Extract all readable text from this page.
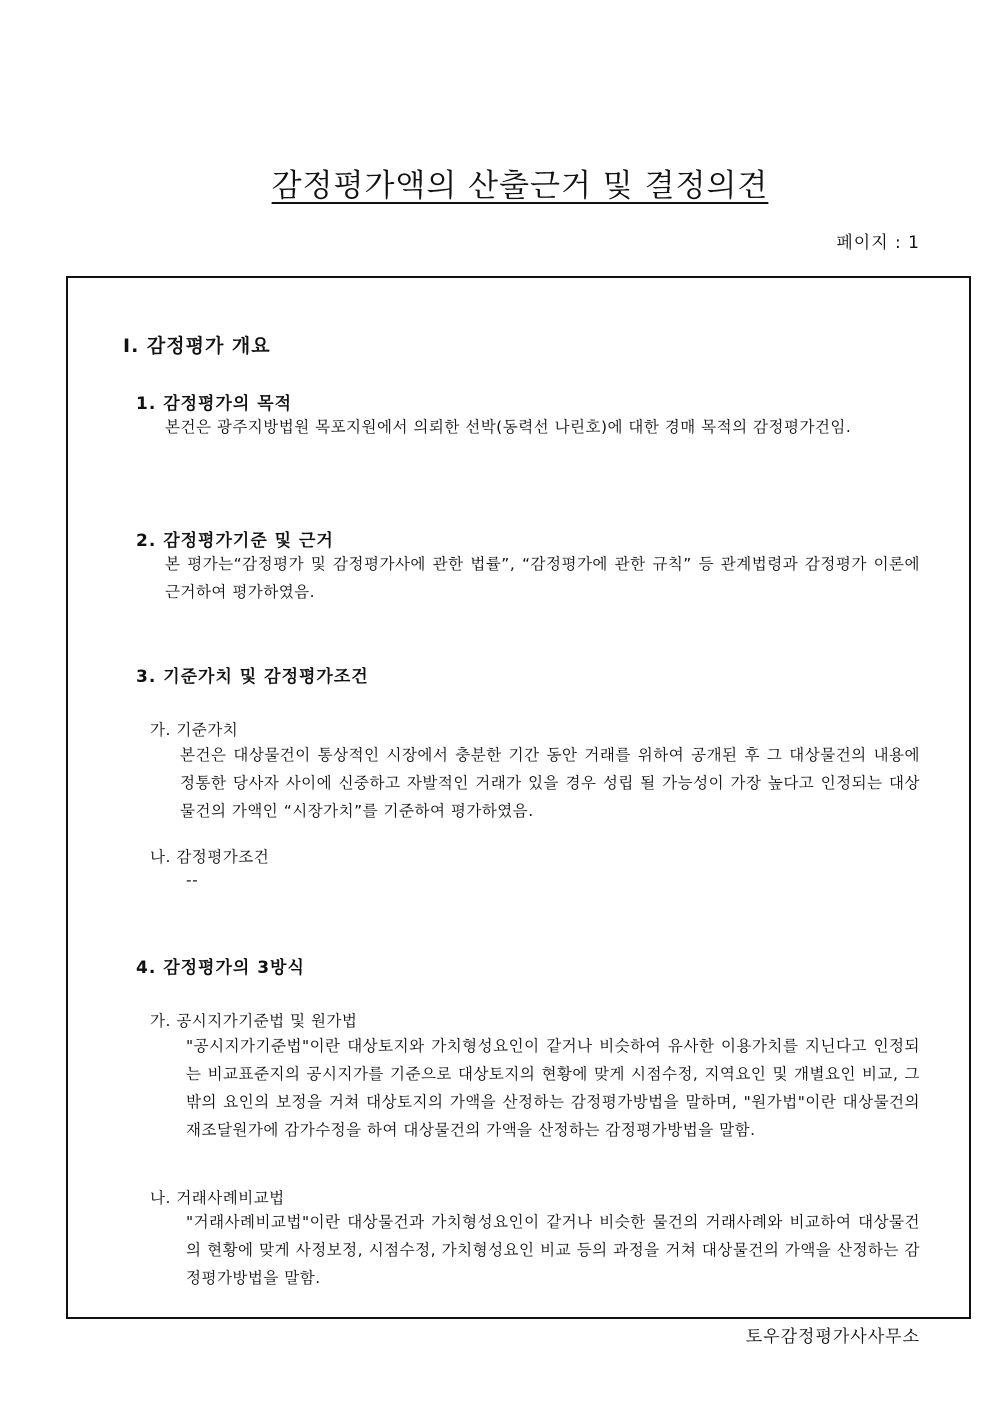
감정평가액의 산출근거 및 결정의견
페이지 : 1
Ⅰ. 감정평가 개요
1. 감정평가의 목적

본건은 광주지방법원 목포지원에서 의뢰한 선박(동력선 나린호)에 대한 경매 목적의 감정평가건임.

2. 감정평가기준 및 근거

본 평가는“감정평가 및 감정평가사에 관한 법률”, “감정평가에 관한 규칙” 등 관계법령과 감정평가 이론에 근거하여 평가하였음.

3. 기준가치 및 감정평가조건
가. 기준가치

본건은 대상물건이 통상적인 시장에서 충분한 기간 동안 거래를 위하여 공개된 후 그 대상물건의 내용에 정통한 당사자 사이에 신중하고 자발적인 거래가 있을 경우 성립 될 가능성이 가장 높다고 인정되는 대상물건의 가액인 “시장가치”를 기준하여 평가하였음.

나. 감정평가조건

--

4. 감정평가의 3방식
가. 공시지가기준법 및 원가법

"공시지가기준법"이란 대상토지와 가치형성요인이 같거나 비슷하여 유사한 이용가치를 지닌다고 인정되는 비교표준지의 공시지가를 기준으로 대상토지의 현황에 맞게 시점수정, 지역요인 및 개별요인 비교, 그 밖의 요인의 보정을 거쳐 대상토지의 가액을 산정하는 감정평가방법을 말하며, "원가법"이란 대상물건의 재조달원가에 감가수정을 하여 대상물건의 가액을 산정하는 감정평가방법을 말함.

나. 거래사례비교법

"거래사례비교법"이란 대상물건과 가치형성요인이 같거나 비슷한 물건의 거래사례와 비교하여 대상물건의 현황에 맞게 사정보정, 시점수정, 가치형성요인 비교 등의 과정을 거쳐 대상물건의 가액을 산정하는 감정평가방법을 말함.

토우감정평가사사무소
